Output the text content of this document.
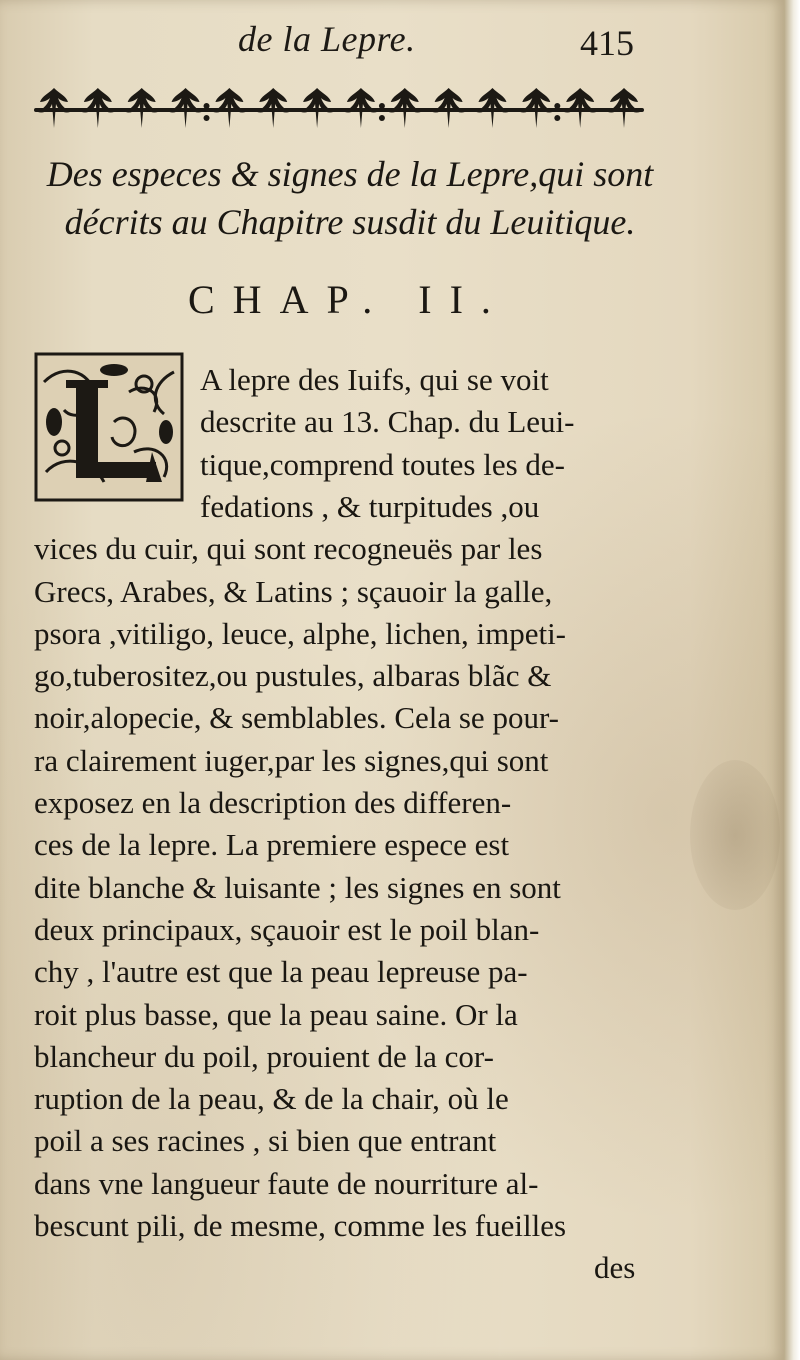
de la Lepre.	415
Des especes & signes de la Lepre,qui sont
décrits au Chapitre susdit du Leuitique.
CHAP. II.
L
A lepre des Iuifs, qui se voit
descrite au 13. Chap. du Leui-
tique,comprend toutes les de-
fedations , & turpitudes ,ou
vices du cuir, qui sont recogneuës par les
Grecs, Arabes, & Latins ; sçauoir la galle,
psora ,vitiligo, leuce, alphe, lichen, impeti-
go,tuberositez,ou pustules, albaras blãc &
noir,alopecie, & semblables. Cela se pour-
ra clairement iuger,par les signes,qui sont
exposez en la description des differen-
ces de la lepre. La premiere espece est
dite blanche & luisante ; les signes en sont
deux principaux, sçauoir est le poil blan-
chy , l'autre est que la peau lepreuse pa-
roit plus basse, que la peau saine. Or la
blancheur du poil, prouient de la cor-
ruption de la peau, & de la chair, où le
poil a ses racines , si bien que entrant
dans vne langueur faute de nourriture al-
bescunt pili, de mesme, comme les fueilles
des
